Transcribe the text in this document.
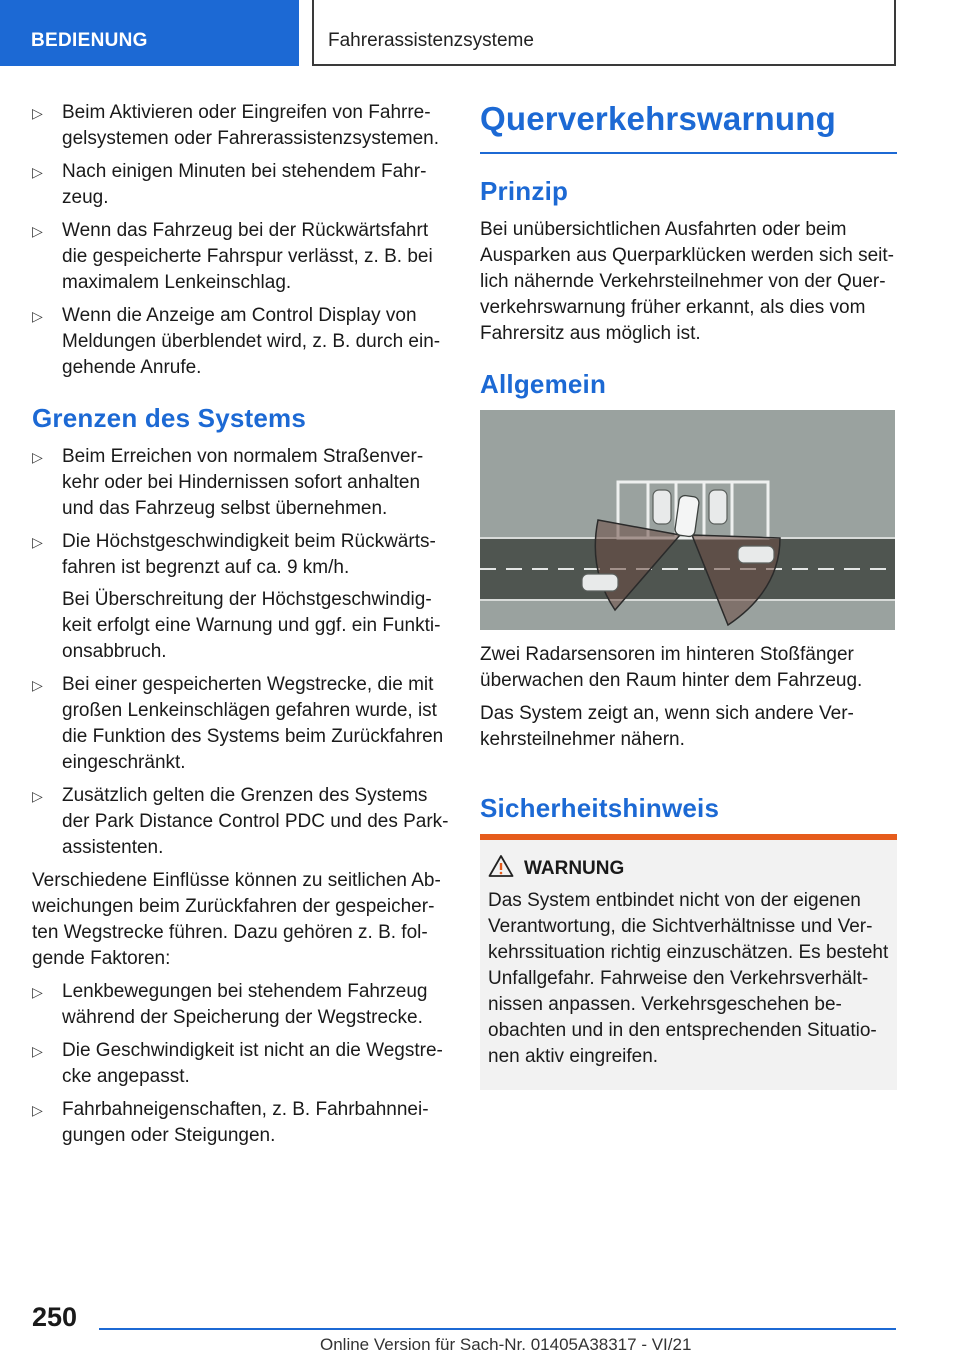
BEDIENUNG	Fahrerassistenzsysteme
▷ Beim Aktivieren oder Eingreifen von Fahrregelsystemen oder Fahrerassistenzsystemen.
▷ Nach einigen Minuten bei stehendem Fahrzeug.
▷ Wenn das Fahrzeug bei der Rückwärtsfahrt die gespeicherte Fahrspur verlässt, z. B. bei maximalem Lenkeinschlag.
▷ Wenn die Anzeige am Control Display von Meldungen überblendet wird, z. B. durch eingehende Anrufe.
Grenzen des Systems
▷ Beim Erreichen von normalem Straßenverkehr oder bei Hindernissen sofort anhalten und das Fahrzeug selbst übernehmen.
▷ Die Höchstgeschwindigkeit beim Rückwärtsfahren ist begrenzt auf ca. 9 km/h.
Bei Überschreitung der Höchstgeschwindigkeit erfolgt eine Warnung und ggf. ein Funktionsabbruch.
▷ Bei einer gespeicherten Wegstrecke, die mit großen Lenkeinschlägen gefahren wurde, ist die Funktion des Systems beim Zurückfahren eingeschränkt.
▷ Zusätzlich gelten die Grenzen des Systems der Park Distance Control PDC und des Parkassistenten.

Verschiedene Einflüsse können zu seitlichen Abweichungen beim Zurückfahren der gespeicherten Wegstrecke führen. Dazu gehören z. B. folgende Faktoren:

▷ Lenkbewegungen bei stehendem Fahrzeug während der Speicherung der Wegstrecke.
▷ Die Geschwindigkeit ist nicht an die Wegstrecke angepasst.
▷ Fahrbahneigenschaften, z. B. Fahrbahnneigungen oder Steigungen.
Querverkehrswarnung
Prinzip

Bei unübersichtlichen Ausfahrten oder beim Ausparken aus Querparklücken werden sich seitlich nähernde Verkehrsteilnehmer von der Querverkehrswarnung früher erkannt, als dies vom Fahrersitz aus möglich ist.

Allgemein

Zwei Radarsensoren im hinteren Stoßfänger überwachen den Raum hinter dem Fahrzeug.

Das System zeigt an, wenn sich andere Verkehrsteilnehmer nähern.

Sicherheitshinweis
WARNUNG

Das System entbindet nicht von der eigenen Verantwortung, die Sichtverhältnisse und Verkehrssituation richtig einzuschätzen. Es besteht Unfallgefahr. Fahrweise den Verkehrsverhältnissen anpassen. Verkehrsgeschehen beobachten und in den entsprechenden Situationen aktiv eingreifen.

250
Online Version für Sach-Nr. 01405A38317 - VI/21
